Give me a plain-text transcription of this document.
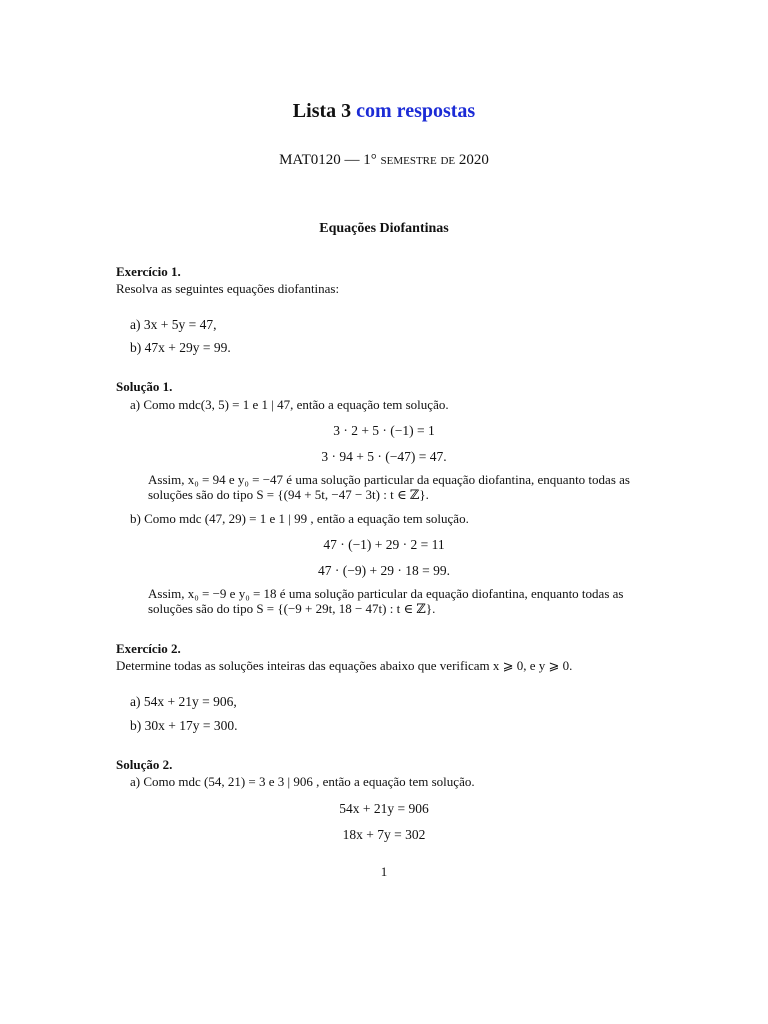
Lista 3 com respostas
MAT0120 — 1° semestre de 2020
Equações Diofantinas
Exercício 1.
Resolva as seguintes equações diofantinas:
a) 3x + 5y = 47,
b) 47x + 29y = 99.
Solução 1.
a) Como mdc(3, 5) = 1 e 1 | 47, então a equação tem solução.
3 · 2 + 5 · (−1) = 1
3 · 94 + 5 · (−47) = 47.
Assim, x₀ = 94 e y₀ = −47 é uma solução particular da equação diofantina, enquanto todas as
soluções são do tipo S = {(94 + 5t, −47 − 3t) : t ∈ ℤ}.
b) Como mdc (47, 29) = 1 e 1 | 99 , então a equação tem solução.
47 · (−1) + 29 · 2 = 11
47 · (−9) + 29 · 18 = 99.
Assim, x₀ = −9 e y₀ = 18 é uma solução particular da equação diofantina, enquanto todas as
soluções são do tipo S = {(−9 + 29t, 18 − 47t) : t ∈ ℤ}.
Exercício 2.
Determine todas as soluções inteiras das equações abaixo que verificam x ⩾ 0, e y ⩾ 0.
a) 54x + 21y = 906,
b) 30x + 17y = 300.
Solução 2.
a) Como mdc (54, 21) = 3 e 3 | 906 , então a equação tem solução.
54x + 21y = 906
18x + 7y = 302
1
